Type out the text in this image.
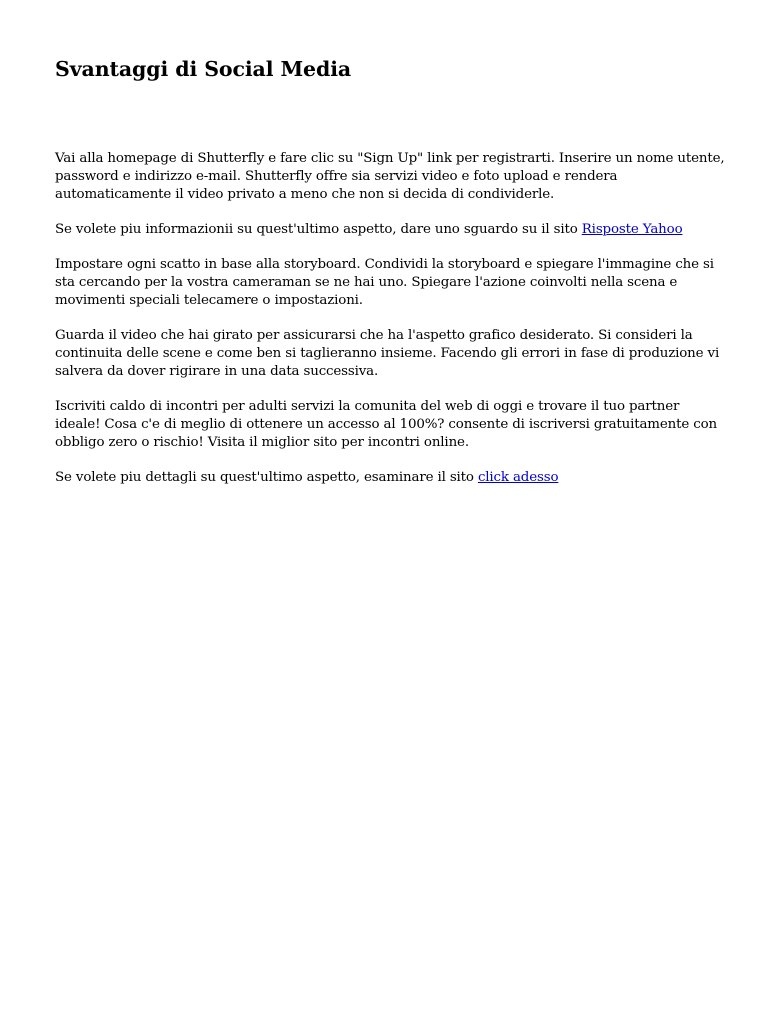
Svantaggi di Social Media

Vai alla homepage di Shutterfly e fare clic su "Sign Up" link per registrarti. Inserire un nome utente, password e indirizzo e-mail. Shutterfly offre sia servizi video e foto upload e rendera automaticamente il video privato a meno che non si decida di condividerle.

Se volete piu informazionii su quest'ultimo aspetto, dare uno sguardo su il sito Risposte Yahoo

Impostare ogni scatto in base alla storyboard. Condividi la storyboard e spiegare l'immagine che si sta cercando per la vostra cameraman se ne hai uno. Spiegare l'azione coinvolti nella scena e movimenti speciali telecamere o impostazioni.

Guarda il video che hai girato per assicurarsi che ha l'aspetto grafico desiderato. Si consideri la continuita delle scene e come ben si taglieranno insieme. Facendo gli errori in fase di produzione vi salvera da dover rigirare in una data successiva.

Iscriviti caldo di incontri per adulti servizi la comunita del web di oggi e trovare il tuo partner ideale! Cosa c'e di meglio di ottenere un accesso al 100%? consente di iscriversi gratuitamente con obbligo zero o rischio! Visita il miglior sito per incontri online.

Se volete piu dettagli su quest'ultimo aspetto, esaminare il sito click adesso
